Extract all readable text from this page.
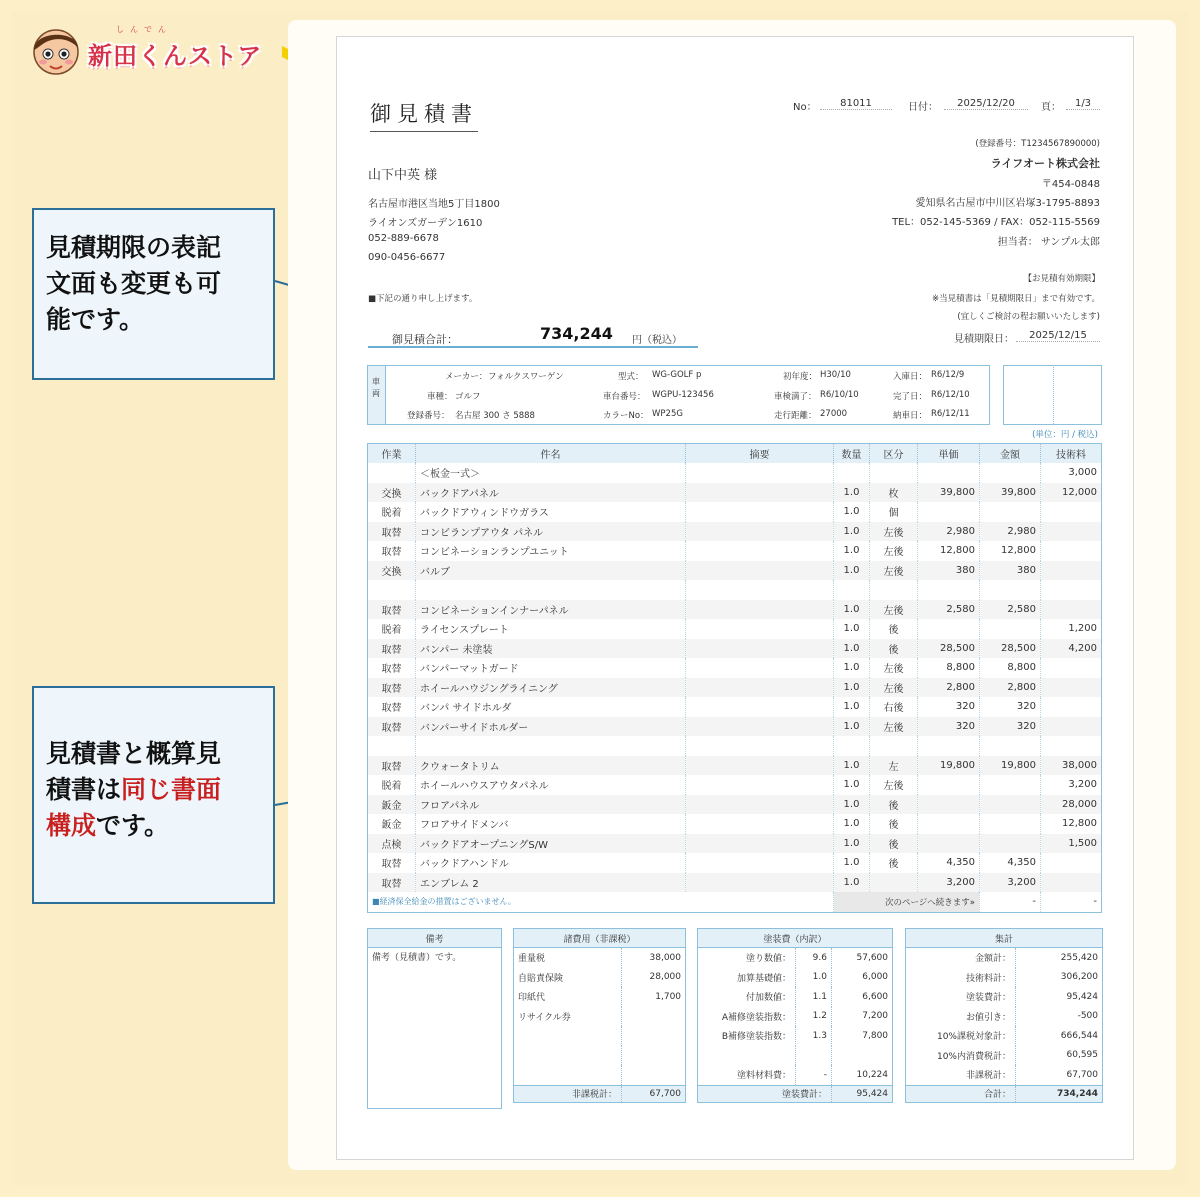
しんでん
新田くんストア
見積期限の表記
文面も変更も可
能です。
見積書と概算見
積書は同じ書面
構成です。
御見積書	No：	81011	日付：	2025/12/20	頁：	1/3
山下中英 様
名古屋市港区当地5丁目1800
ライオンズガーデン1610
052-889-6678
090-0456-6677
■下記の通り申し上げます。
(登録番号：T1234567890000)
ライフオート株式会社
〒454-0848
愛知県名古屋市中川区岩塚3-1795-8893
TEL：052-145-5369 / FAX：052-115-5569
担当者： サンプル太郎
【お見積有効期限】
※当見積書は「見積期限日」まで有効です。
(宜しくご検討の程お願いいたします)
見積期限日：	2025/12/15
御見積合計：	734,244 円（税込）
車両
メーカー： フォルクスワーゲン
車種： ゴルフ
登録番号： 名古屋 300 さ 5888
型式： WG-GOLF p
車台番号： WGPU-123456
カラーNo： WP25G
初年度： H30/10
車検満了： R6/10/10
走行距離： 27000
入庫日： R6/12/9
完了日： R6/12/10
納車日： R6/12/11
(単位：円 / 税込)
作業	件名	摘要	数量	区分	単価	金額	技術料
	＜板金一式＞						3,000
交換	バックドアパネル		1.0	枚	39,800	39,800	12,000
脱着	バックドアウィンドウガラス		1.0	個			
取替	コンビランプアウタ パネル		1.0	左後	2,980	2,980	
取替	コンビネーションランプユニット		1.0	左後	12,800	12,800	
交換	バルブ		1.0	左後	380	380	

取替	コンビネーションインナーパネル		1.0	左後	2,580	2,580	
脱着	ライセンスプレート		1.0	後			1,200
取替	バンパー 未塗装		1.0	後	28,500	28,500	4,200
取替	バンパーマットガード		1.0	左後	8,800	8,800	
取替	ホイールハウジングライニング		1.0	左後	2,800	2,800	
取替	バンパ サイドホルダ		1.0	右後	320	320	
取替	バンパーサイドホルダー		1.0	左後	320	320	

取替	クウォータトリム		1.0	左	19,800	19,800	38,000
脱着	ホイールハウスアウタパネル		1.0	左後			3,200
鈑金	フロアパネル		1.0	後			28,000
鈑金	フロアサイドメンバ		1.0	後			12,800
点検	バックドアオープニングS/W		1.0	後			1,500
取替	バックドアハンドル		1.0	後	4,350	4,350	
取替	エンブレム 2		1.0		3,200	3,200	
■経済保全給金の措置はございません。			次のページへ続きます»			-	-
備考
備考（見積書）です。
諸費用（非課税）	
重量税	38,000
自賠責保険	28,000
印紙代	1,700
リサイクル券	

非課税計：	67,700
塗装費（内訳）		
塗り数値：	9.6	57,600
加算基礎値：	1.0	6,000
付加数値：	1.1	6,600
A補修塗装指数：	1.2	7,200
B補修塗装指数：	1.3	7,800

塗料材料費：	-	10,224
塗装費計：		95,424
集計	
金額計：	255,420
技術料計：	306,200
塗装費計：	95,424
お値引き：	-500
10%課税対象計：	666,544
10%内消費税計：	60,595
非課税計：	67,700
合計：	734,244
